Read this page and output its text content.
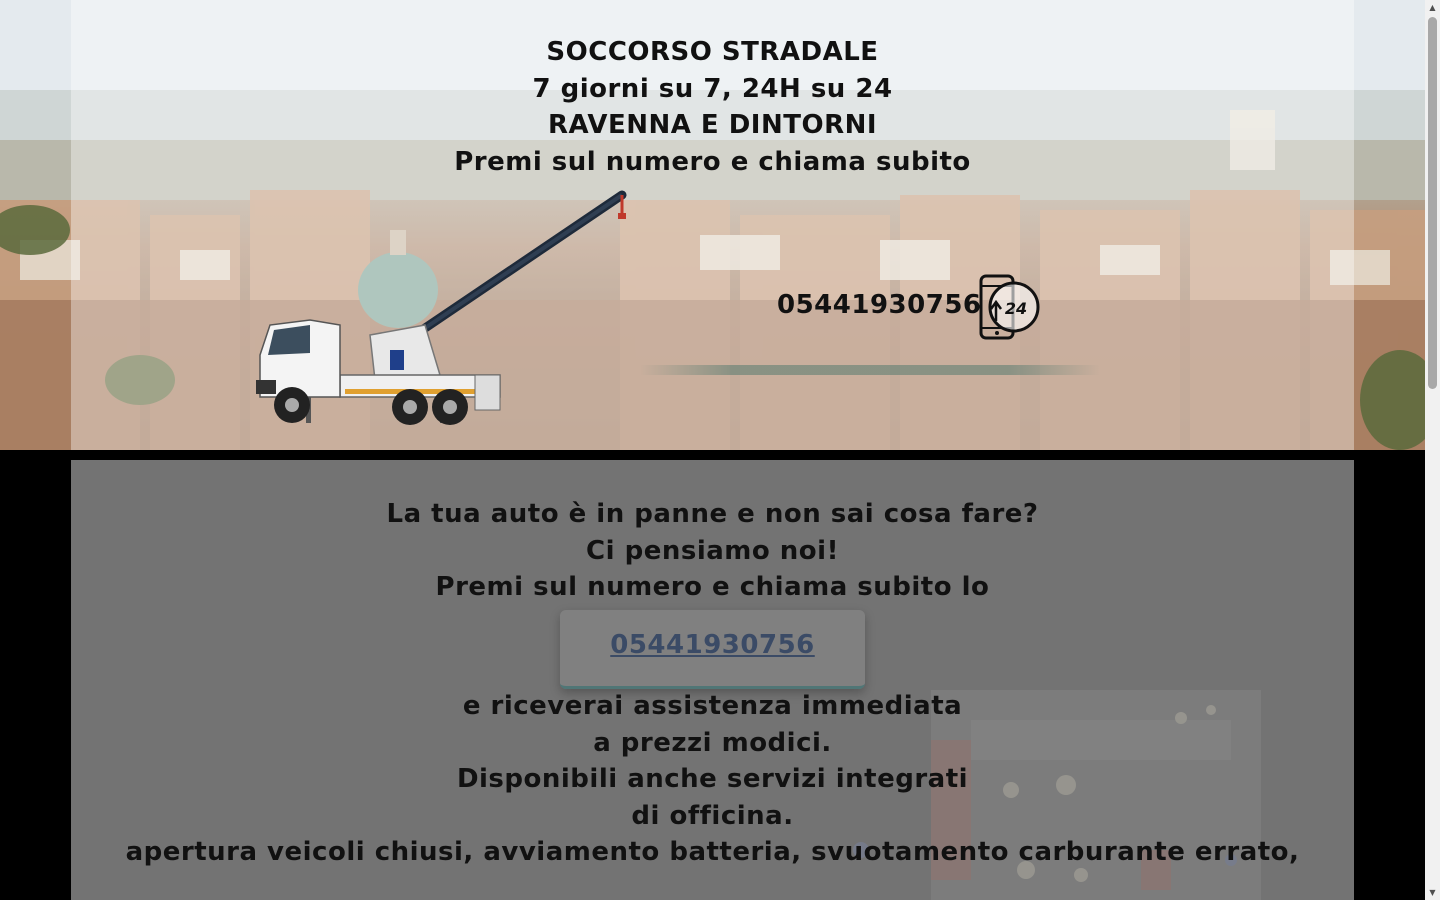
SOCCORSO STRADALE
7 giorni su 7, 24H su 24
RAVENNA E DINTORNI
Premi sul numero e chiama subito
05441930756 24
La tua auto è in panne e non sai cosa fare?
Ci pensiamo noi!
Premi sul numero e chiama subito lo
05441930756
e riceverai assistenza immediata
a prezzi modici.
Disponibili anche servizi integrati
di officina.
apertura veicoli chiusi, avviamento batteria, svuotamento carburante errato,
▲
▼
